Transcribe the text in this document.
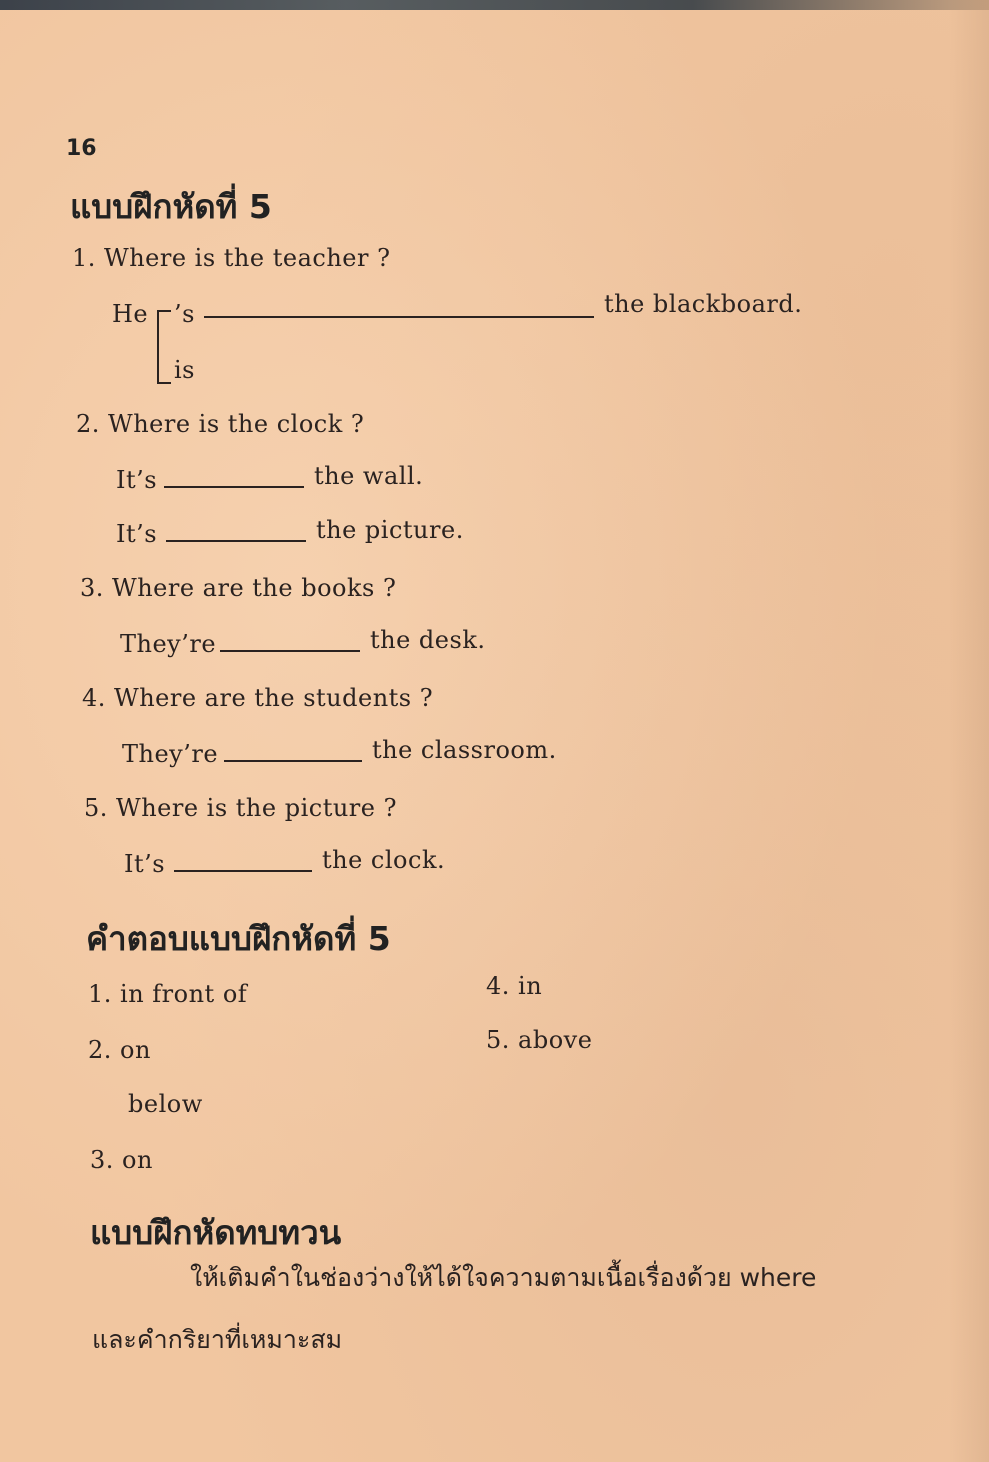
16
แบบฝึกหัดที่ 5
1. Where is the teacher ?
He ’s
is
the blackboard.
2. Where is the clock ?
It’s	the wall.
It’s	the picture.
3. Where are the books ?
They’re	the desk.
4. Where are the students ?
They’re	the classroom.
5. Where is the picture ?
It’s	the clock.
คำตอบแบบฝึกหัดที่ 5
1. in front of
2. on
below
3. on
4. in
5. above
แบบฝึกหัดทบทวน
ให้เติมคำในช่องว่างให้ได้ใจความตามเนื้อเรื่องด้วย where
และคำกริยาที่เหมาะสม
